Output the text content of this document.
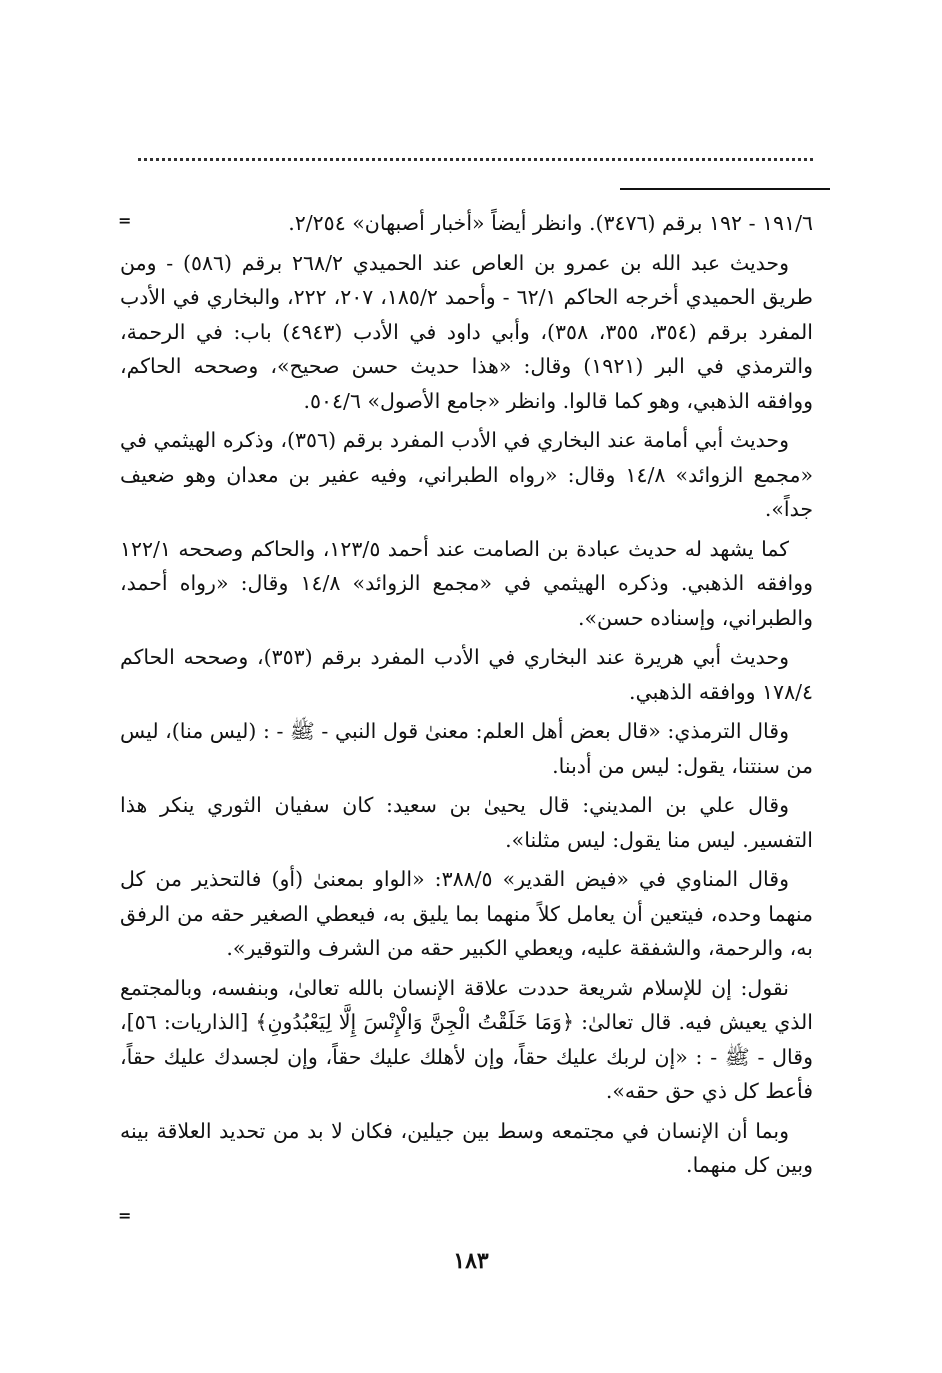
=	١٩١/٦ - ١٩٢ برقم (٣٤٧٦). وانظر أيضاً «أخبار أصبهان» ٢/٢٥٤.

وحديث عبد الله بن عمرو بن العاص عند الحميدي ٢٦٨/٢ برقم (٥٨٦) - ومن طريق الحميدي أخرجه الحاكم ٦٢/١ - وأحمد ١٨٥/٢، ٢٠٧، ٢٢٢، والبخاري في الأدب المفرد برقم (٣٥٤، ٣٥٥، ٣٥٨)، وأبي داود في الأدب (٤٩٤٣) باب: في الرحمة، والترمذي في البر (١٩٢١) وقال: «هذا حديث حسن صحيح»، وصححه الحاكم، ووافقه الذهبي، وهو كما قالوا. وانظر «جامع الأصول» ٥٠٤/٦.

وحديث أبي أمامة عند البخاري في الأدب المفرد برقم (٣٥٦)، وذكره الهيثمي في «مجمع الزوائد» ١٤/٨ وقال: «رواه الطبراني، وفيه عفير بن معدان وهو ضعيف جداً».

كما يشهد له حديث عبادة بن الصامت عند أحمد ١٢٣/٥، والحاكم وصححه ١٢٢/١ ووافقه الذهبي. وذكره الهيثمي في «مجمع الزوائد» ١٤/٨ وقال: «رواه أحمد، والطبراني، وإسناده حسن».

وحديث أبي هريرة عند البخاري في الأدب المفرد برقم (٣٥٣)، وصححه الحاكم ١٧٨/٤ ووافقه الذهبي.

وقال الترمذي: «قال بعض أهل العلم: معنىٰ قول النبي - ﷺ - : (ليس منا)، ليس من سنتنا، يقول: ليس من أدبنا.

وقال علي بن المديني: قال يحيىٰ بن سعيد: كان سفيان الثوري ينكر هذا التفسير. ليس منا يقول: ليس مثلنا».

وقال المناوي في «فيض القدير» ٣٨٨/٥: «الواو بمعنىٰ (أو) فالتحذير من كل منهما وحده، فيتعين أن يعامل كلاً منهما بما يليق به، فيعطي الصغير حقه من الرفق به، والرحمة، والشفقة عليه، ويعطي الكبير حقه من الشرف والتوقير».

نقول: إن للإسلام شريعة حددت علاقة الإنسان بالله تعالىٰ، وبنفسه، وبالمجتمع الذي يعيش فيه. قال تعالىٰ: ﴿وَمَا خَلَقْتُ الْجِنَّ وَالْإِنْسَ إِلَّا لِيَعْبُدُونِ﴾ [الذاريات: ٥٦]، وقال - ﷺ - : «إن لربك عليك حقاً، وإن لأهلك عليك حقاً، وإن لجسدك عليك حقاً، فأعط كل ذي حق حقه».

وبما أن الإنسان في مجتمعه وسط بين جيلين، فكان لا بد من تحديد العلاقة بينه وبين كل منهما.

=
١٨٣
